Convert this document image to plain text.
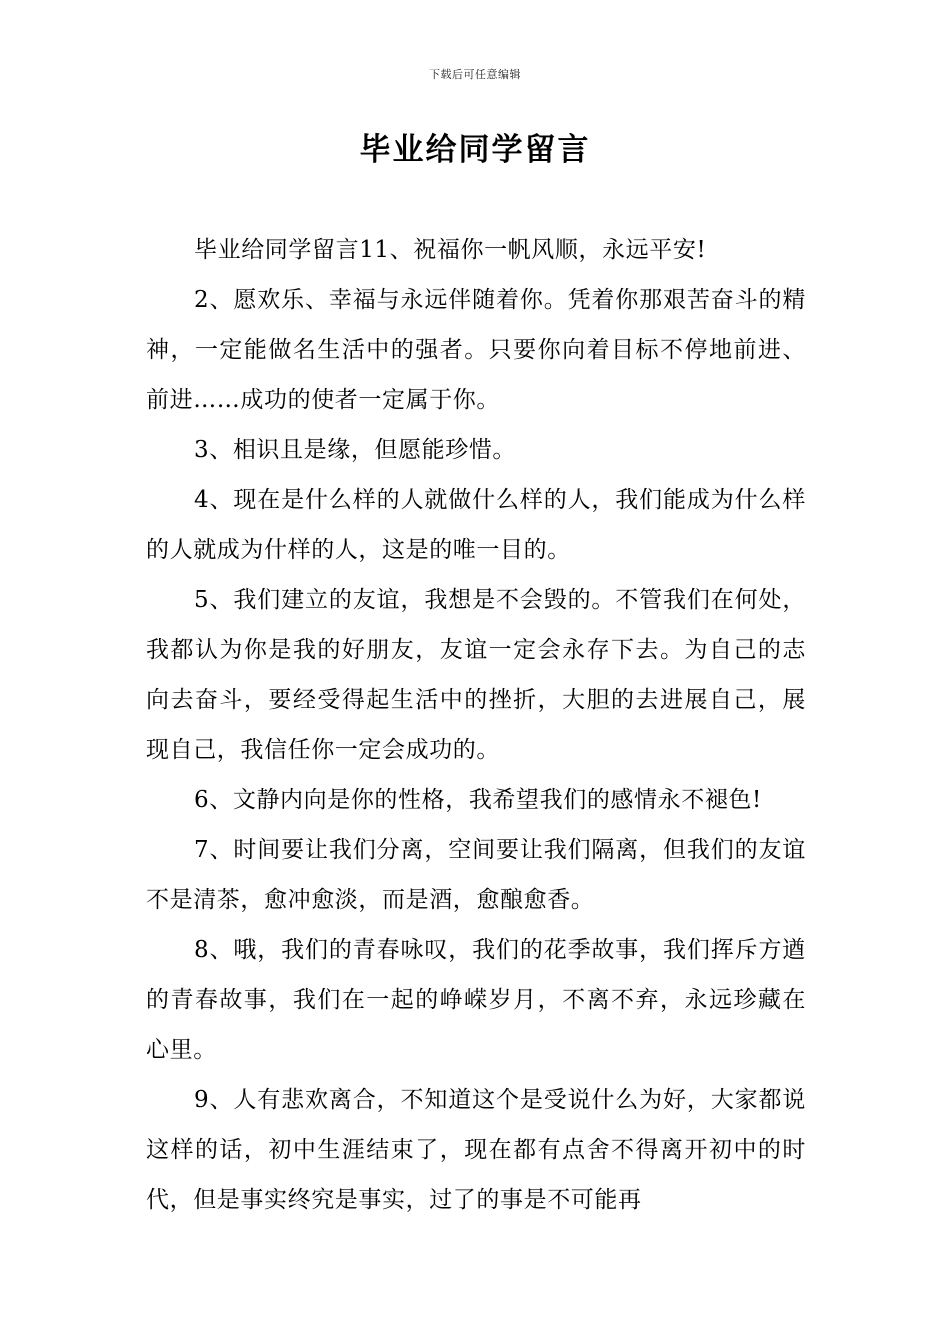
下载后可任意编辑
毕业给同学留言

毕业给同学留言11、祝福你一帆风顺，永远平安!

2、愿欢乐、幸福与永远伴随着你。凭着你那艰苦奋斗的精神，一定能做名生活中的强者。只要你向着目标不停地前进、前进……成功的使者一定属于你。

3、相识且是缘，但愿能珍惜。

4、现在是什么样的人就做什么样的人，我们能成为什么样的人就成为什样的人，这是的唯一目的。

5、我们建立的友谊，我想是不会毁的。不管我们在何处，我都认为你是我的好朋友，友谊一定会永存下去。为自己的志向去奋斗，要经受得起生活中的挫折，大胆的去进展自己，展现自己，我信任你一定会成功的。

6、文静内向是你的性格，我希望我们的感情永不褪色!

7、时间要让我们分离，空间要让我们隔离，但我们的友谊不是清茶，愈冲愈淡，而是酒，愈酿愈香。

8、哦，我们的青春咏叹，我们的花季故事，我们挥斥方遒的青春故事，我们在一起的峥嵘岁月，不离不弃，永远珍藏在心里。

9、人有悲欢离合，不知道这个是受说什么为好，大家都说这样的话，初中生涯结束了，现在都有点舍不得离开初中的时代，但是事实终究是事实，过了的事是不可能再
